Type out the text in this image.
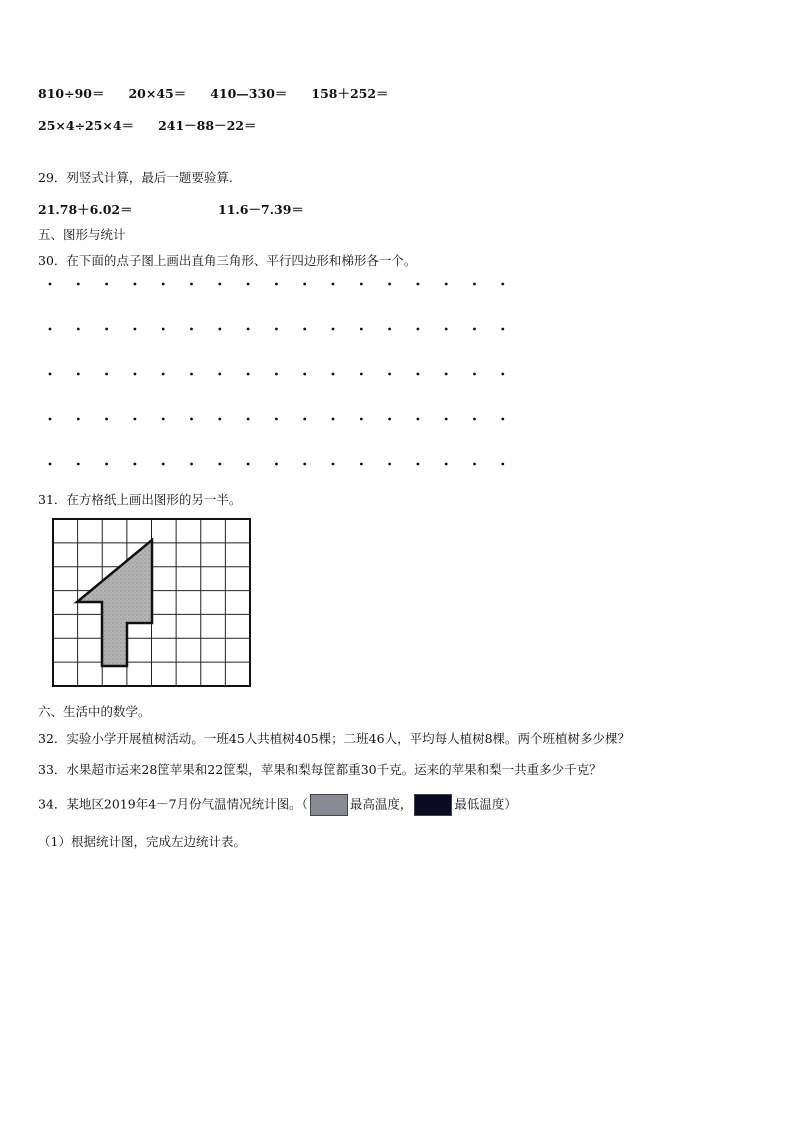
810÷90＝ 20×45＝ 410—330＝ 158＋252＝
25×4÷25×4＝ 241－88－22＝
29．列竖式计算，最后一题要验算.
21.78＋6.02＝	11.6－7.39＝
五、图形与统计
30．在下面的点子图上画出直角三角形、平行四边形和梯形各一个。
31．在方格纸上画出图形的另一半。
六、生活中的数学。
32．实验小学开展植树活动。一班45人共植树405棵；二班46人，平均每人植树8棵。两个班植树多少棵？
33．水果超市运来28筐苹果和22筐梨，苹果和梨每筐都重30千克。运来的苹果和梨一共重多少千克？
34．某地区2019年4－7月份气温情况统计图。（	最高温度，	最低温度）
（1）根据统计图，完成左边统计表。
